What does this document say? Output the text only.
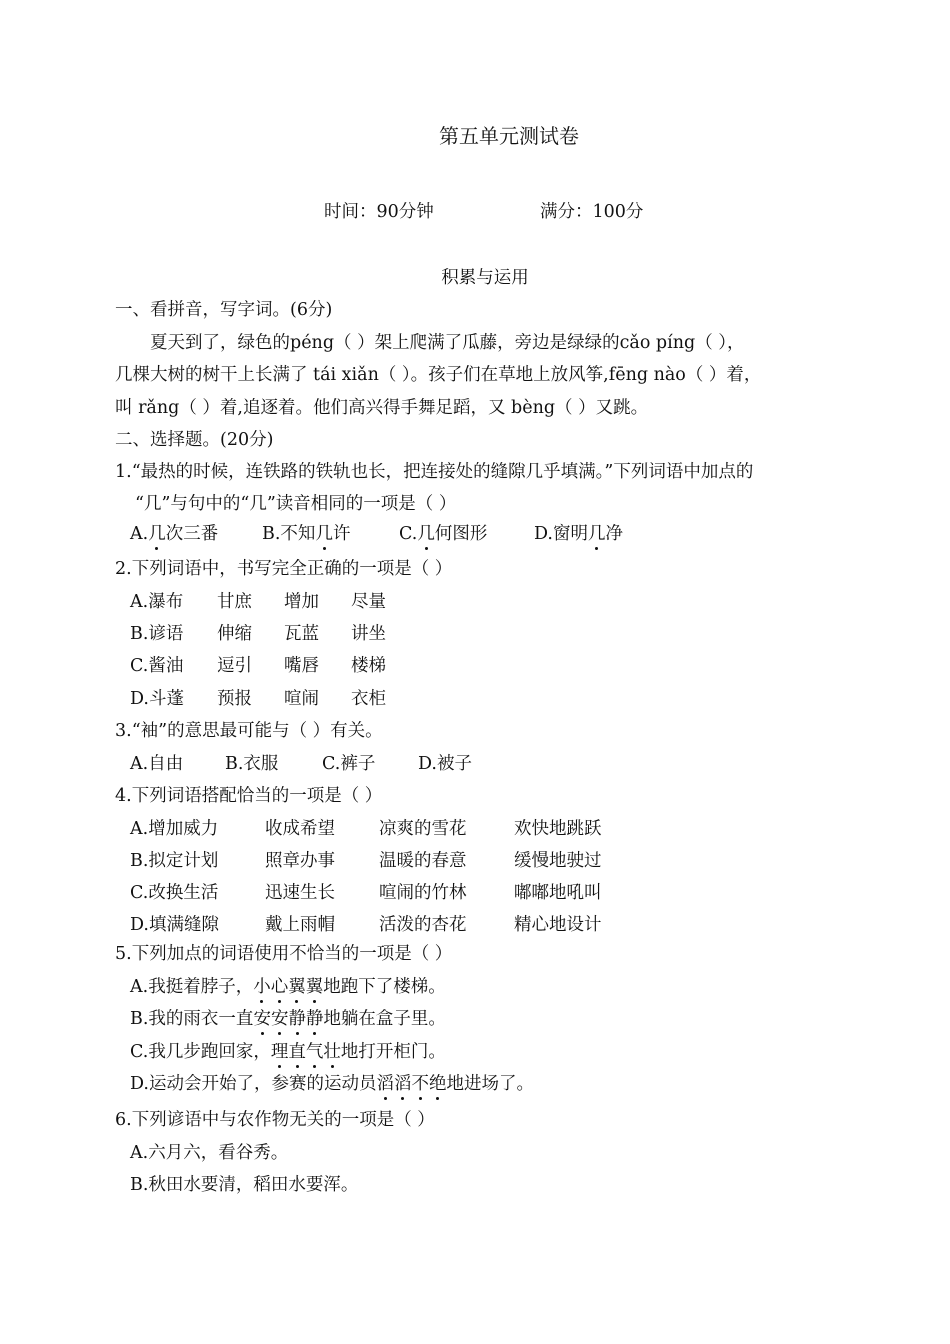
第五单元测试卷
时间：90分钟	满分：100分
积累与运用
一、看拼音，写字词。(6分)
夏天到了，绿色的péng（ ）架上爬满了瓜藤，旁边是绿绿的cǎo píng（ ），
几棵大树的树干上长满了 tái xiǎn（ ）。孩子们在草地上放风筝,fēng nào（ ）着，
叫 rǎng（ ）着,追逐着。他们高兴得手舞足蹈，又 bèng（ ）又跳。
二、选择题。(20分)
1.“最热的时候，连铁路的铁轨也长，把连接处的缝隙几乎填满。”下列词语中加点的
“几”与句中的“几”读音相同的一项是（ ）
A.几次三番	B.不知几许	C.几何图形	D.窗明几净
2.下列词语中，书写完全正确的一项是（ ）
A.瀑布 甘庶 增加 尽量
B.谚语 伸缩 瓦蓝 讲坐
C.酱油 逗引 嘴唇 楼梯
D.斗蓬 预报 喧闹 衣柜
3.“袖”的意思最可能与（ ）有关。
A.自由 B.衣服 C.裤子 D.被子
4.下列词语搭配恰当的一项是（ ）
A.增加威力	收成希望	凉爽的雪花	欢快地跳跃
B.拟定计划	照章办事	温暖的春意	缓慢地驶过
C.改换生活	迅速生长	喧闹的竹林	嘟嘟地吼叫
D.填满缝隙	戴上雨帽	活泼的杏花	精心地设计
5.下列加点的词语使用不恰当的一项是（ ）
A.我挺着脖子，小心翼翼地跑下了楼梯。
B.我的雨衣一直安安静静地躺在盒子里。
C.我几步跑回家，理直气壮地打开柜门。
D.运动会开始了，参赛的运动员滔滔不绝地进场了。
6.下列谚语中与农作物无关的一项是（ ）
A.六月六，看谷秀。
B.秋田水要清，稻田水要浑。
